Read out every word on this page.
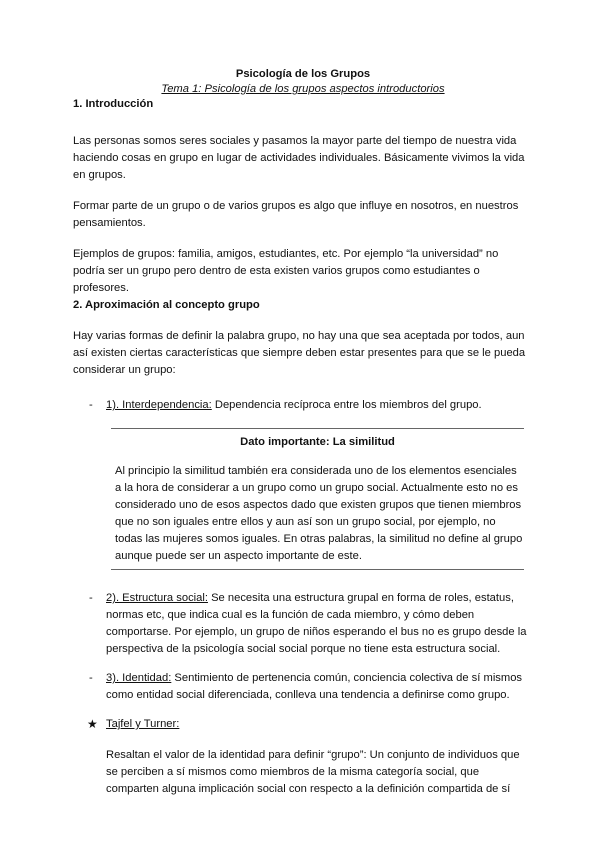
Psicología de los Grupos

Tema 1: Psicología de los grupos aspectos introductorios

1. Introducción

Las personas somos seres sociales y pasamos la mayor parte del tiempo de nuestra vida haciendo cosas en grupo en lugar de actividades individuales. Básicamente vivimos la vida en grupos.

Formar parte de un grupo o de varios grupos es algo que influye en nosotros, en nuestros pensamientos.

Ejemplos de grupos: familia, amigos, estudiantes, etc. Por ejemplo “la universidad” no podría ser un grupo pero dentro de esta existen varios grupos como estudiantes o profesores.

2. Aproximación al concepto grupo

Hay varias formas de definir la palabra grupo, no hay una que sea aceptada por todos, aun así existen ciertas características que siempre deben estar presentes para que se le pueda considerar un grupo:

- 1). Interdependencia: Dependencia recíproca entre los miembros del grupo.
Dato importante: La similitud

Al principio la similitud también era considerada uno de los elementos esenciales a la hora de considerar a un grupo como un grupo social. Actualmente esto no es considerado uno de esos aspectos dado que existen grupos que tienen miembros que no son iguales entre ellos y aun así son un grupo social, por ejemplo, no todas las mujeres somos iguales. En otras palabras, la similitud no define al grupo aunque puede ser un aspecto importante de este.

- 2). Estructura social: Se necesita una estructura grupal en forma de roles, estatus, normas etc, que indica cual es la función de cada miembro, y cómo deben comportarse. Por ejemplo, un grupo de niños esperando el bus no es grupo desde la perspectiva de la psicología social social porque no tiene esta estructura social.
- 3). Identidad: Sentimiento de pertenencia común, conciencia colectiva de sí mismos como entidad social diferenciada, conlleva una tendencia a definirse como grupo.
★ Tajfel y Turner:

Resaltan el valor de la identidad para definir “grupo”: Un conjunto de individuos que se perciben a sí mismos como miembros de la misma categoría social, que comparten alguna implicación social con respecto a la definición compartida de sí
